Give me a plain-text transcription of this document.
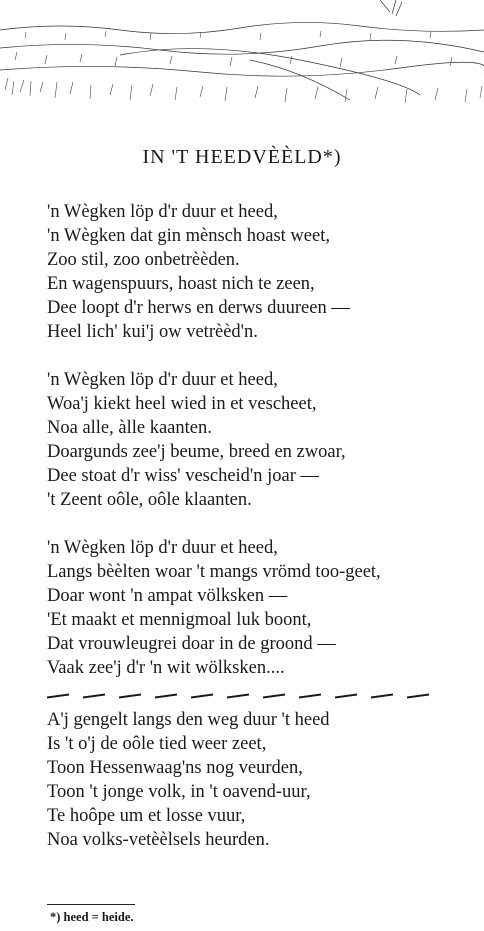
IN 'T HEEDVÈÈLD*)
'n Wègken löp d'r duur et heed,
'n Wègken dat gin mènsch hoast weet,
Zoo stil, zoo onbetrèèden.
En wagenspuurs, hoast nich te zeen,
Dee loopt d'r herws en derws duureen —
Heel lich' kui'j ow vetrèèd'n.
'n Wègken löp d'r duur et heed,
Woa'j kiekt heel wied in et vescheet,
Noa alle, àlle kaanten.
Doargunds zee'j beume, breed en zwoar,
Dee stoat d'r wiss' vescheid'n joar —
't Zeent oôle, oôle klaanten.
'n Wègken löp d'r duur et heed,
Langs bèèlten woar 't mangs vrömd too-geet,
Doar wont 'n ampat völksken —
'Et maakt et mennigmoal luk boont,
Dat vrouwleugrei doar in de groond —
Vaak zee'j d'r 'n wit wölksken....
A'j gengelt langs den weg duur 't heed
Is 't o'j de oôle tied weer zeet,
Toon Hessenwaag'ns nog veurden,
Toon 't jonge volk, in 't oavend-uur,
Te hoôpe um et losse vuur,
Noa volks-vetèèlsels heurden.
*) heed = heide.
